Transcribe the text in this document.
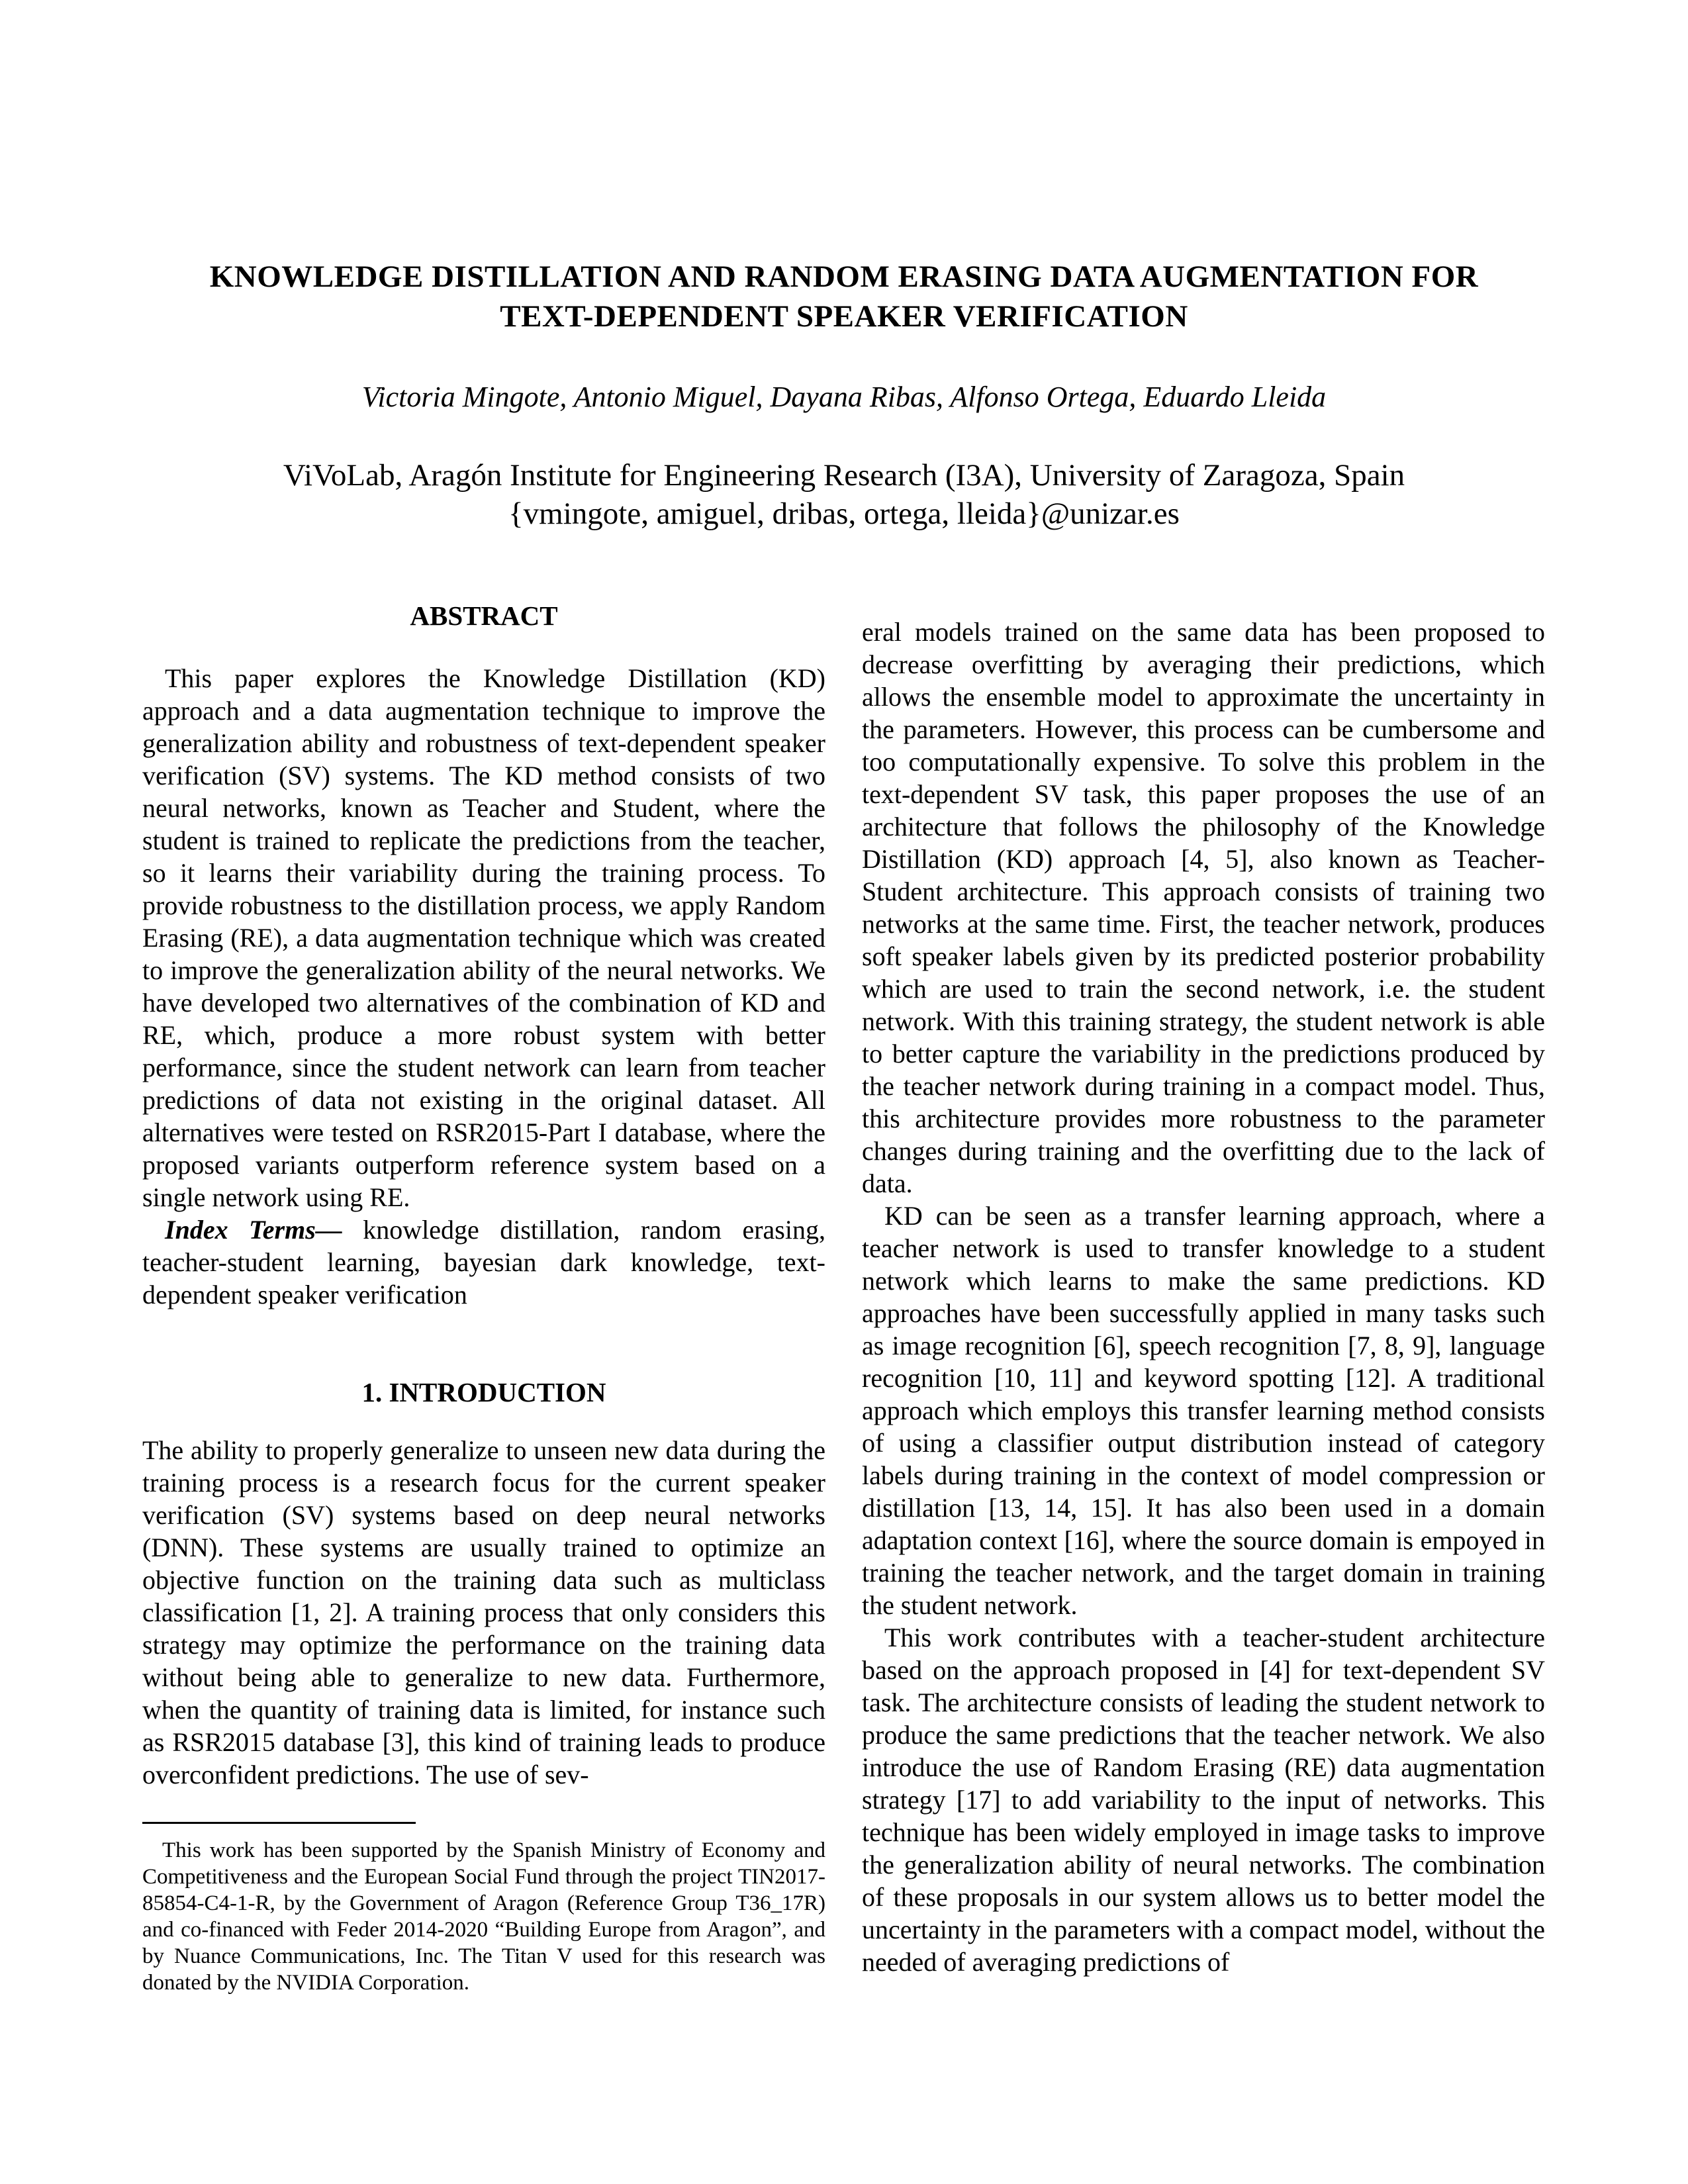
KNOWLEDGE DISTILLATION AND RANDOM ERASING DATA AUGMENTATION FOR
TEXT-DEPENDENT SPEAKER VERIFICATION
Victoria Mingote, Antonio Miguel, Dayana Ribas, Alfonso Ortega, Eduardo Lleida
ViVoLab, Aragón Institute for Engineering Research (I3A), University of Zaragoza, Spain
{vmingote, amiguel, dribas, ortega, lleida}@unizar.es
ABSTRACT

This paper explores the Knowledge Distillation (KD) approach and a data augmentation technique to improve the generalization ability and robustness of text-dependent speaker verification (SV) systems. The KD method consists of two neural networks, known as Teacher and Student, where the student is trained to replicate the predictions from the teacher, so it learns their variability during the training process. To provide robustness to the distillation process, we apply Random Erasing (RE), a data augmentation technique which was created to improve the generalization ability of the neural networks. We have developed two alternatives of the combination of KD and RE, which, produce a more robust system with better performance, since the student network can learn from teacher predictions of data not existing in the original dataset. All alternatives were tested on RSR2015-Part I database, where the proposed variants outperform reference system based on a single network using RE.

Index Terms— knowledge distillation, random erasing, teacher-student learning, bayesian dark knowledge, text-dependent speaker verification

1. INTRODUCTION

The ability to properly generalize to unseen new data during the training process is a research focus for the current speaker verification (SV) systems based on deep neural networks (DNN). These systems are usually trained to optimize an objective function on the training data such as multiclass classification [1, 2]. A training process that only considers this strategy may optimize the performance on the training data without being able to generalize to new data. Furthermore, when the quantity of training data is limited, for instance such as RSR2015 database [3], this kind of training leads to produce overconfident predictions. The use of sev-

eral models trained on the same data has been proposed to decrease overfitting by averaging their predictions, which allows the ensemble model to approximate the uncertainty in the parameters. However, this process can be cumbersome and too computationally expensive. To solve this problem in the text-dependent SV task, this paper proposes the use of an architecture that follows the philosophy of the Knowledge Distillation (KD) approach [4, 5], also known as Teacher-Student architecture. This approach consists of training two networks at the same time. First, the teacher network, produces soft speaker labels given by its predicted posterior probability which are used to train the second network, i.e. the student network. With this training strategy, the student network is able to better capture the variability in the predictions produced by the teacher network during training in a compact model. Thus, this architecture provides more robustness to the parameter changes during training and the overfitting due to the lack of data.

KD can be seen as a transfer learning approach, where a teacher network is used to transfer knowledge to a student network which learns to make the same predictions. KD approaches have been successfully applied in many tasks such as image recognition [6], speech recognition [7, 8, 9], language recognition [10, 11] and keyword spotting [12]. A traditional approach which employs this transfer learning method consists of using a classifier output distribution instead of category labels during training in the context of model compression or distillation [13, 14, 15]. It has also been used in a domain adaptation context [16], where the source domain is empoyed in training the teacher network, and the target domain in training the student network.

This work contributes with a teacher-student architecture based on the approach proposed in [4] for text-dependent SV task. The architecture consists of leading the student network to produce the same predictions that the teacher network. We also introduce the use of Random Erasing (RE) data augmentation strategy [17] to add variability to the input of networks. This technique has been widely employed in image tasks to improve the generalization ability of neural networks. The combination of these proposals in our system allows us to better model the uncertainty in the parameters with a compact model, without the needed of averaging predictions of

This work has been supported by the Spanish Ministry of Economy and Competitiveness and the European Social Fund through the project TIN2017-85854-C4-1-R, by the Government of Aragon (Reference Group T36_17R) and co-financed with Feder 2014-2020 “Building Europe from Aragon”, and by Nuance Communications, Inc. The Titan V used for this research was donated by the NVIDIA Corporation.
